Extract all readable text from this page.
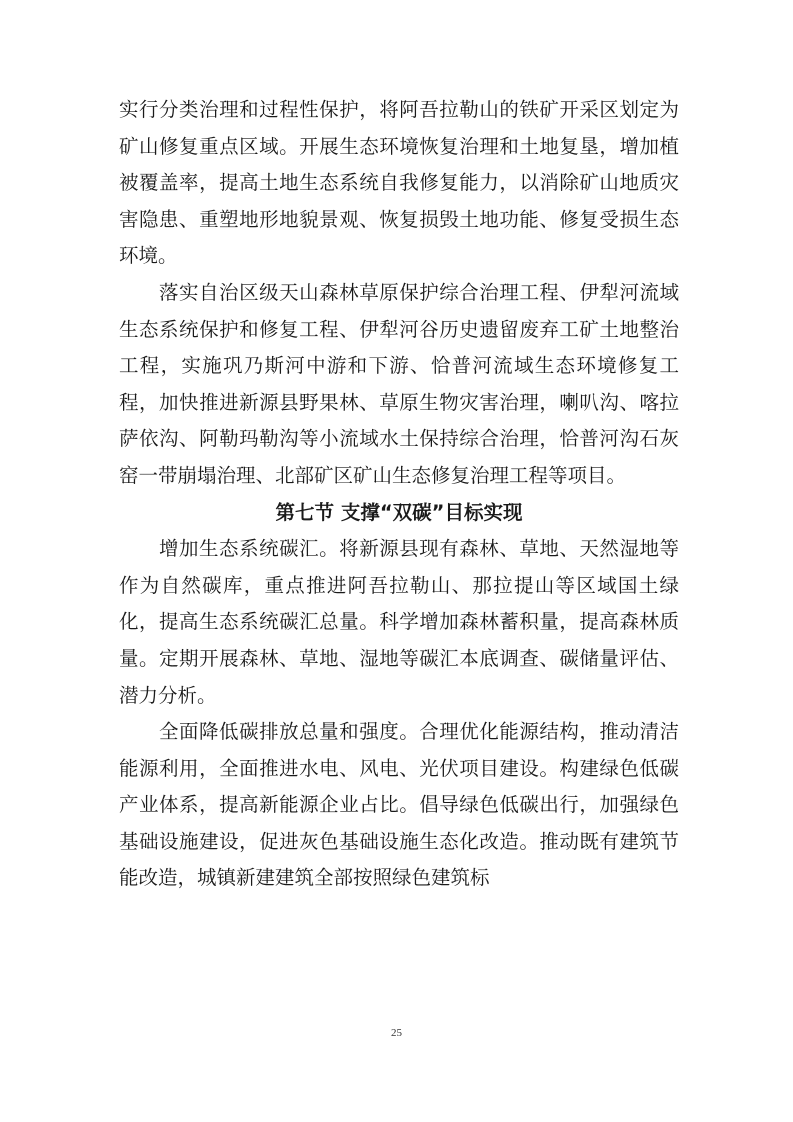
实行分类治理和过程性保护，将阿吾拉勒山的铁矿开采区划定为矿山修复重点区域。开展生态环境恢复治理和土地复垦，增加植被覆盖率，提高土地生态系统自我修复能力，以消除矿山地质灾害隐患、重塑地形地貌景观、恢复损毁土地功能、修复受损生态环境。

落实自治区级天山森林草原保护综合治理工程、伊犁河流域生态系统保护和修复工程、伊犁河谷历史遗留废弃工矿土地整治工程，实施巩乃斯河中游和下游、恰普河流域生态环境修复工程，加快推进新源县野果林、草原生物灾害治理，喇叭沟、喀拉萨依沟、阿勒玛勒沟等小流域水土保持综合治理，恰普河沟石灰窑一带崩塌治理、北部矿区矿山生态修复治理工程等项目。

第七节 支撑“双碳”目标实现

增加生态系统碳汇。将新源县现有森林、草地、天然湿地等作为自然碳库，重点推进阿吾拉勒山、那拉提山等区域国土绿化，提高生态系统碳汇总量。科学增加森林蓄积量，提高森林质量。定期开展森林、草地、湿地等碳汇本底调查、碳储量评估、潜力分析。

全面降低碳排放总量和强度。合理优化能源结构，推动清洁能源利用，全面推进水电、风电、光伏项目建设。构建绿色低碳产业体系，提高新能源企业占比。倡导绿色低碳出行，加强绿色基础设施建设，促进灰色基础设施生态化改造。推动既有建筑节能改造，城镇新建建筑全部按照绿色建筑标

25
